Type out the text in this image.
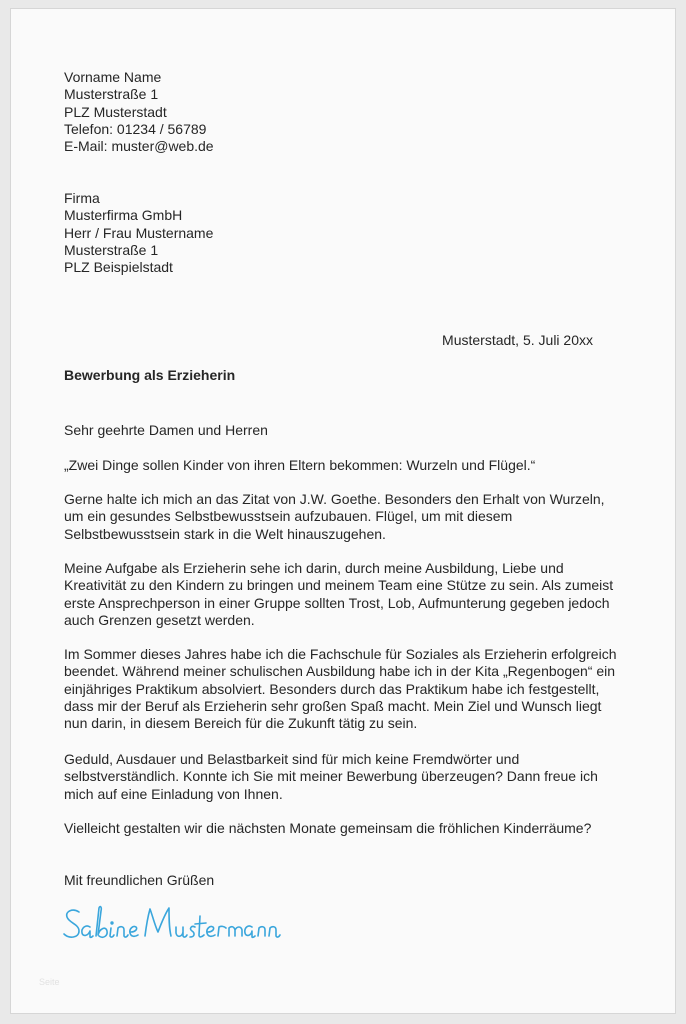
Vorname Name
Musterstraße 1
PLZ Musterstadt
Telefon: 01234 / 56789
E-Mail: muster@web.de
Firma
Musterfirma GmbH
Herr / Frau Mustername
Musterstraße 1
PLZ Beispielstadt
Musterstadt, 5. Juli 20xx
Bewerbung als Erzieherin
Sehr geehrte Damen und Herren
„Zwei Dinge sollen Kinder von ihren Eltern bekommen: Wurzeln und Flügel.“
Gerne halte ich mich an das Zitat von J.W. Goethe. Besonders den Erhalt von Wurzeln,
um ein gesundes Selbstbewusstsein aufzubauen. Flügel, um mit diesem
Selbstbewusstsein stark in die Welt hinauszugehen.
Meine Aufgabe als Erzieherin sehe ich darin, durch meine Ausbildung, Liebe und
Kreativität zu den Kindern zu bringen und meinem Team eine Stütze zu sein. Als zumeist
erste Ansprechperson in einer Gruppe sollten Trost, Lob, Aufmunterung gegeben jedoch
auch Grenzen gesetzt werden.
Im Sommer dieses Jahres habe ich die Fachschule für Soziales als Erzieherin erfolgreich
beendet. Während meiner schulischen Ausbildung habe ich in der Kita „Regenbogen“ ein
einjähriges Praktikum absolviert. Besonders durch das Praktikum habe ich festgestellt,
dass mir der Beruf als Erzieherin sehr großen Spaß macht. Mein Ziel und Wunsch liegt
nun darin, in diesem Bereich für die Zukunft tätig zu sein.
Geduld, Ausdauer und Belastbarkeit sind für mich keine Fremdwörter und
selbstverständlich. Konnte ich Sie mit meiner Bewerbung überzeugen? Dann freue ich
mich auf eine Einladung von Ihnen.
Vielleicht gestalten wir die nächsten Monate gemeinsam die fröhlichen Kinderräume?
Mit freundlichen Grüßen
Seite
